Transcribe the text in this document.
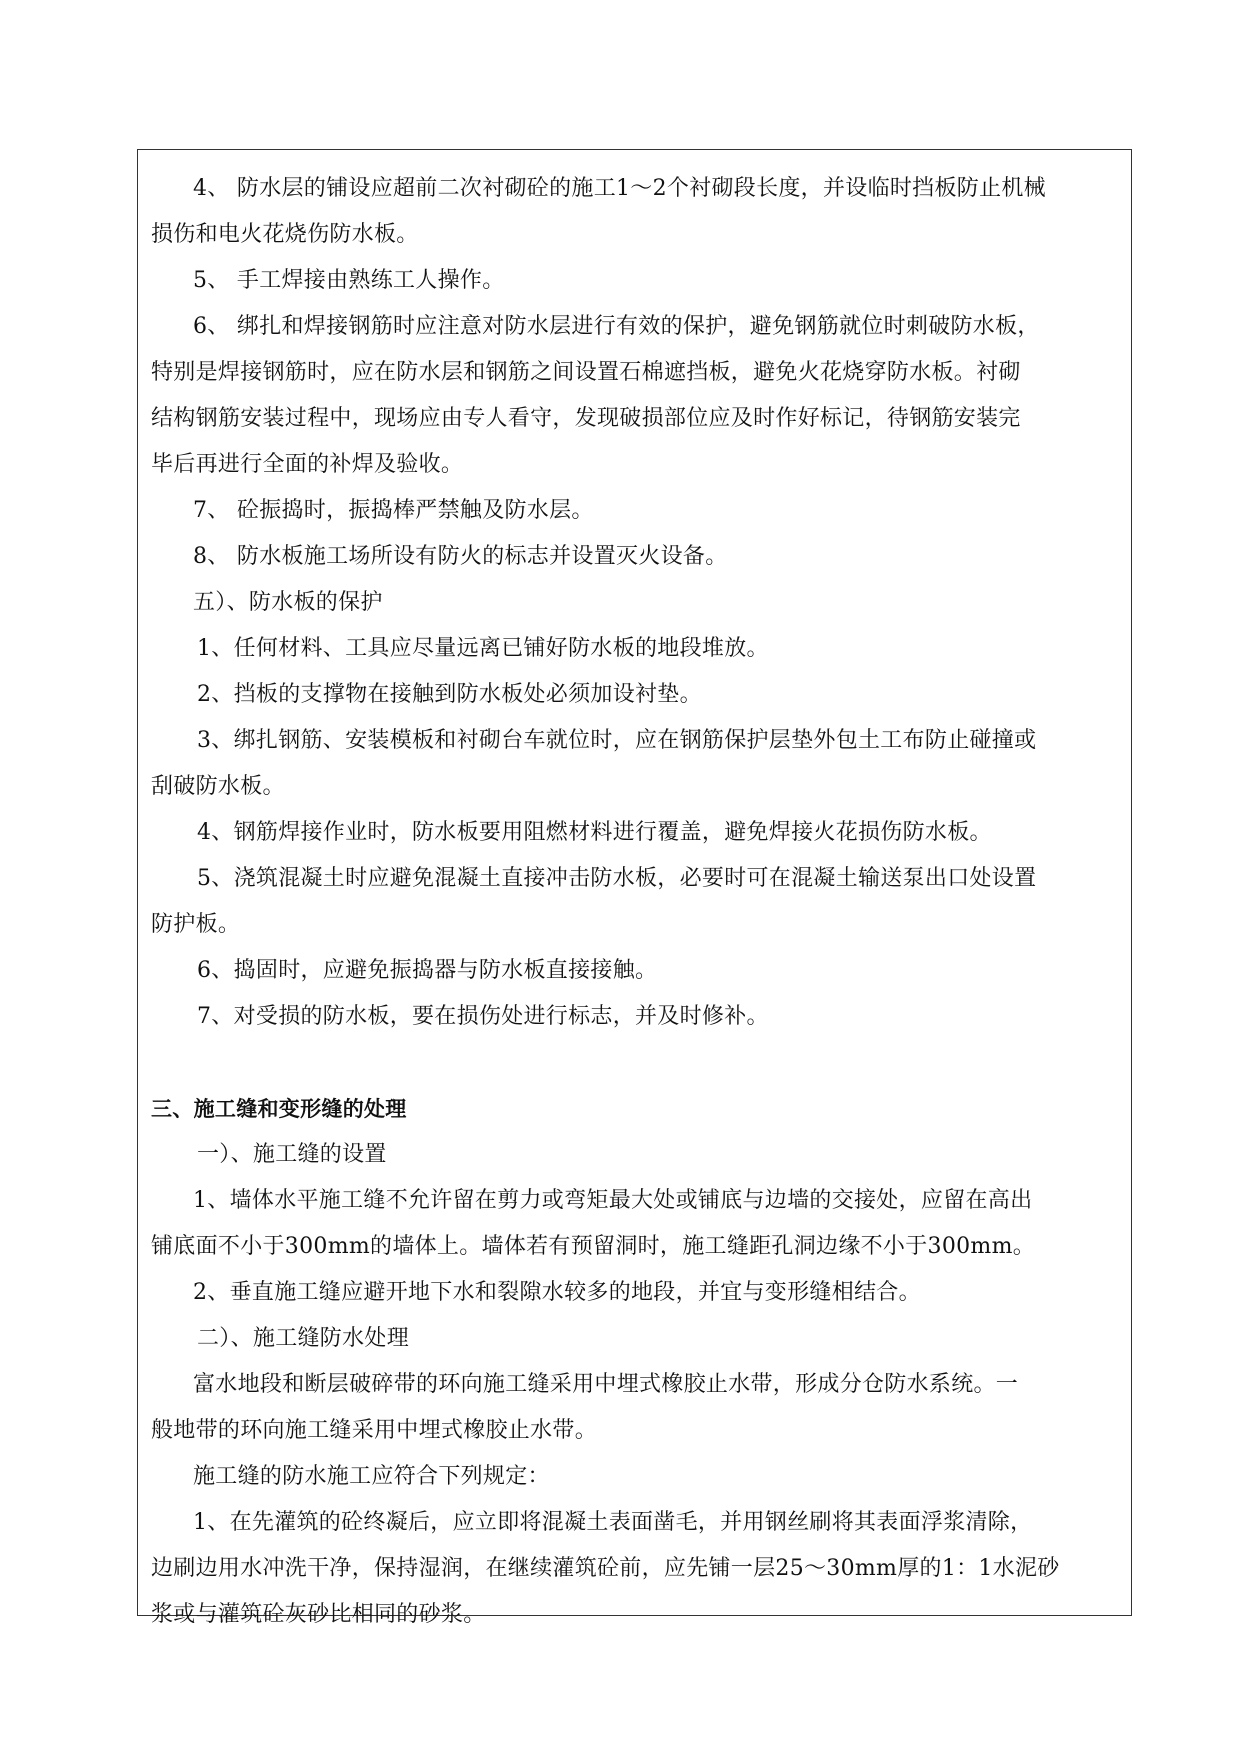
4、 防水层的铺设应超前二次衬砌砼的施工1～2个衬砌段长度，并设临时挡板防止机械
损伤和电火花烧伤防水板。
5、 手工焊接由熟练工人操作。
6、 绑扎和焊接钢筋时应注意对防水层进行有效的保护，避免钢筋就位时刺破防水板，
特别是焊接钢筋时，应在防水层和钢筋之间设置石棉遮挡板，避免火花烧穿防水板。衬砌
结构钢筋安装过程中，现场应由专人看守，发现破损部位应及时作好标记，待钢筋安装完
毕后再进行全面的补焊及验收。
7、 砼振捣时，振捣棒严禁触及防水层。
8、 防水板施工场所设有防火的标志并设置灭火设备。
五）、防水板的保护
1、任何材料、工具应尽量远离已铺好防水板的地段堆放。
2、挡板的支撑物在接触到防水板处必须加设衬垫。
3、绑扎钢筋、安装模板和衬砌台车就位时，应在钢筋保护层垫外包土工布防止碰撞或
刮破防水板。
4、钢筋焊接作业时，防水板要用阻燃材料进行覆盖，避免焊接火花损伤防水板。
5、浇筑混凝土时应避免混凝土直接冲击防水板，必要时可在混凝土输送泵出口处设置
防护板。
6、捣固时，应避免振捣器与防水板直接接触。
7、对受损的防水板，要在损伤处进行标志，并及时修补。
三、施工缝和变形缝的处理
一）、施工缝的设置
1、墙体水平施工缝不允许留在剪力或弯矩最大处或铺底与边墙的交接处，应留在高出
铺底面不小于300mm的墙体上。墙体若有预留洞时，施工缝距孔洞边缘不小于300mm。
2、垂直施工缝应避开地下水和裂隙水较多的地段，并宜与变形缝相结合。
二）、施工缝防水处理
富水地段和断层破碎带的环向施工缝采用中埋式橡胶止水带，形成分仓防水系统。一
般地带的环向施工缝采用中埋式橡胶止水带。
施工缝的防水施工应符合下列规定：
1、在先灌筑的砼终凝后，应立即将混凝土表面凿毛，并用钢丝刷将其表面浮浆清除，
边刷边用水冲洗干净，保持湿润，在继续灌筑砼前，应先铺一层25～30mm厚的1：1水泥砂
浆或与灌筑砼灰砂比相同的砂浆。
